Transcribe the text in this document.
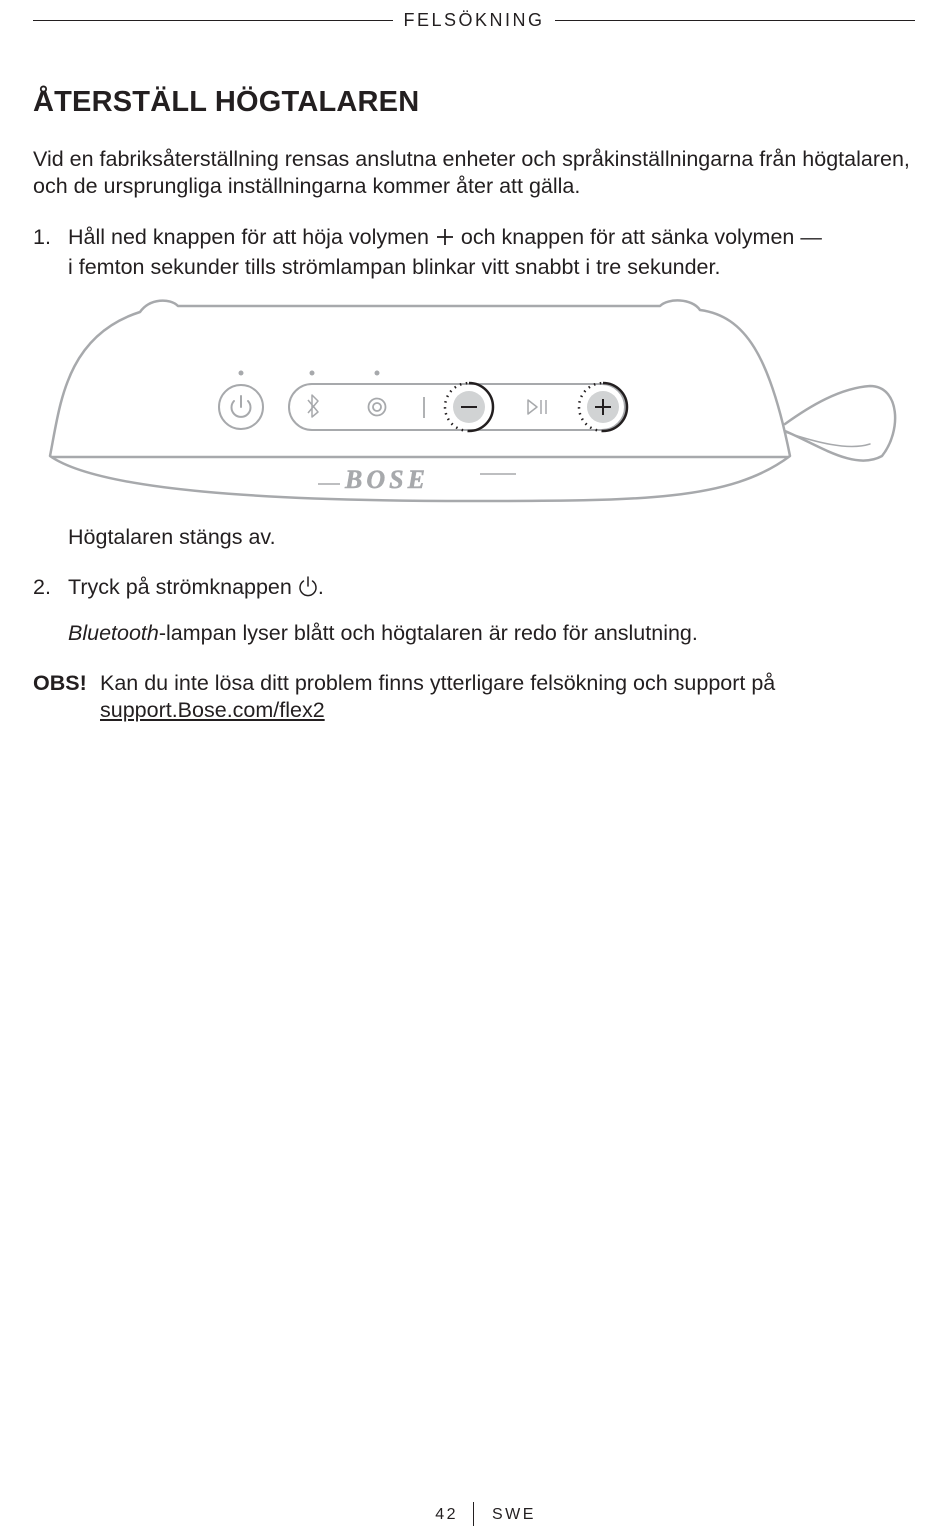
FELSÖKNING
ÅTERSTÄLL HÖGTALAREN

Vid en fabriksåterställning rensas anslutna enheter och språkinställningarna från högtalaren, och de ursprungliga inställningarna kommer åter att gälla.

1. Håll ned knappen för att höja volymen och knappen för att sänka volymen —
i femton sekunder tills strömlampan blinkar vitt snabbt i tre sekunder.
BOSE
Högtalaren stängs av.
2. Tryck på strömknappen .
Bluetooth-lampan lyser blått och högtalaren är redo för anslutning.
OBS! Kan du inte lösa ditt problem finns ytterligare felsökning och support på
support.Bose.com/flex2
42 SWE
